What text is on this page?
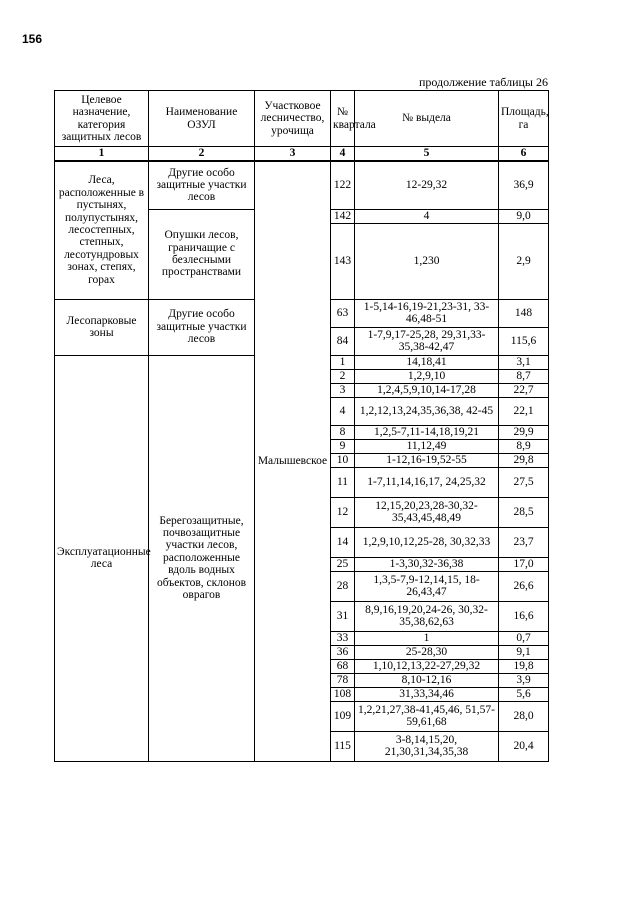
156
продолжение таблицы 26
Целевое назначение, категория защитных лесов	Наименование ОЗУЛ	Участковое лесничество, урочища	№ квартала	№ выдела	Площадь, га
1	2	3	4	5	6
Леса, расположенные в пустынях, полупустынях, лесостепных, степных, лесотундровых зонах, степях, горах	Другие особо защитные участки лесов	Малышевское	122	12-29,32	36,9
	Опушки лесов, граничащие с безлесными пространствами		142	4	9,0
			143	1,230	2,9
Лесопарковые зоны	Другие особо защитные участки лесов		63	1-5,14-16,19-21,23-31, 33-46,48-51	148
			84	1-7,9,17-25,28, 29,31,33-35,38-42,47	115,6
Эксплуатационные леса	Берегозащитные, почвозащитные участки лесов, расположенные вдоль водных объектов, склонов оврагов		1	14,18,41	3,1
			2	1,2,9,10	8,7
			3	1,2,4,5,9,10,14-17,28	22,7
			4	1,2,12,13,24,35,36,38, 42-45	22,1
			8	1,2,5-7,11-14,18,19,21	29,9
			9	11,12,49	8,9
			10	1-12,16-19,52-55	29,8
			11	1-7,11,14,16,17, 24,25,32	27,5
			12	12,15,20,23,28-30,32- 35,43,45,48,49	28,5
			14	1,2,9,10,12,25-28, 30,32,33	23,7
			25	1-3,30,32-36,38	17,0
			28	1,3,5-7,9-12,14,15, 18-26,43,47	26,6
			31	8,9,16,19,20,24-26, 30,32-35,38,62,63	16,6
			33	1	0,7
			36	25-28,30	9,1
			68	1,10,12,13,22-27,29,32	19,8
			78	8,10-12,16	3,9
			108	31,33,34,46	5,6
			109	1,2,21,27,38-41,45,46, 51,57-59,61,68	28,0
			115	3-8,14,15,20, 21,30,31,34,35,38	20,4
